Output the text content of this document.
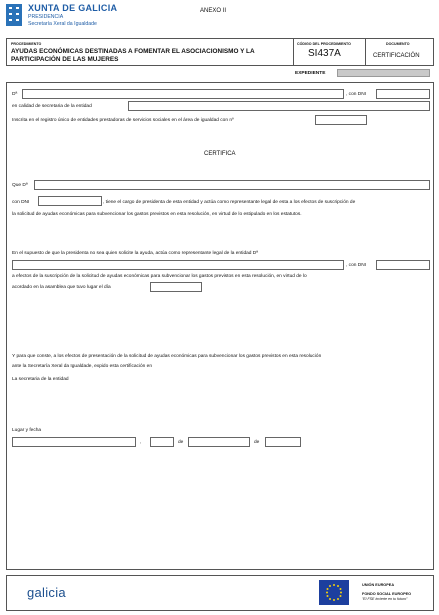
XUNTA DE GALICIA
PRESIDENCIA
Secretaría Xeral da Igualdade
ANEXO II
PROCEDIMIENTO
AYUDAS ECONÓMICAS DESTINADAS A FOMENTAR EL ASOCIACIONISMO Y LA PARTICIPACIÓN DE LAS MUJERES
CÓDIGO DEL PROCEDIMIENTO
SI437A
DOCUMENTO
CERTIFICACIÓN
EXPEDIENTE
Dª	, con DNI
en calidad de secretaria de la entidad
Inscrita en el registro único de entidades prestadoras de servicios sociales en el área de igualdad con nº
CERTIFICA
Que Dª
con DNI	, tiene el cargo de presidenta de esta entidad y actúa como representante legal de esta a los efectos de suscripción de
la solicitud de ayudas económicas para subvencionar los gastos previstos en esta resolución, en virtud de lo estipulado en los estatutos.
En el supuesto de que la presidenta no sea quien solicite la ayuda, actúa como representante legal de la entidad Dª
, con DNI
a efectos de la suscripción de la solicitud de ayudas económicas para subvencionar los gastos previstos en esta resolución, en virtud de lo
acordado en la asamblea que tuvo lugar el día
Y para que conste, a los efectos de presentación de la solicitud de ayudas económicas para subvencionar los gastos previstos en esta resolución
ante la Secretaría Xeral da Igualdade, expido esta certificación en
La secretaria de la entidad
Lugar y fecha
,	de	de
galicia	UNIÓN EUROPEA
FONDO SOCIAL EUROPEO
"El FSE invierte en tu futuro"
